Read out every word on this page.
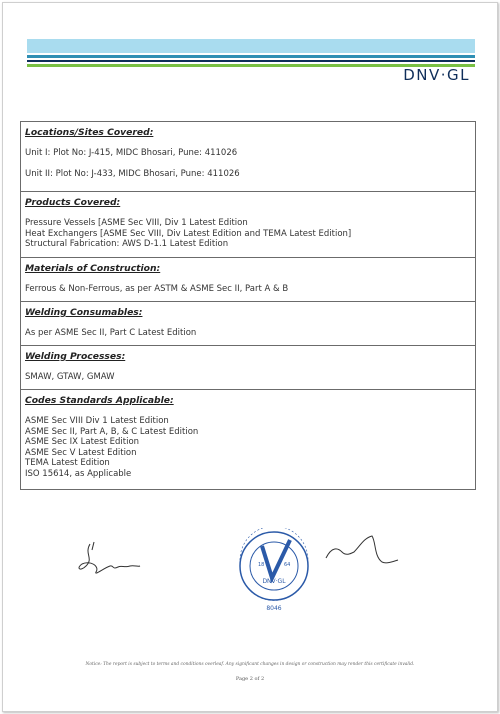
DNV·GL
Locations/Sites Covered:
Unit I: Plot No: J-415, MIDC Bhosari, Pune: 411026
Unit II: Plot No: J-433, MIDC Bhosari, Pune: 411026
Products Covered:
Pressure Vessels [ASME Sec VIII, Div 1 Latest Edition
Heat Exchangers [ASME Sec VIII, Div Latest Edition and TEMA Latest Edition]
Structural Fabrication: AWS D-1.1 Latest Edition
Materials of Construction:
Ferrous & Non-Ferrous, as per ASTM & ASME Sec II, Part A & B
Welding Consumables:
As per ASME Sec II, Part C Latest Edition
Welding Processes:
SMAW, GTAW, GMAW
Codes Standards Applicable:
ASME Sec VIII Div 1 Latest Edition
ASME Sec II, Part A, B, & C Latest Edition
ASME Sec IX Latest Edition
ASME Sec V Latest Edition
TEMA Latest Edition
ISO 15614, as Applicable
18	64
DNV·GL
8046
Notice: The report is subject to terms and conditions overleaf. Any significant changes in design or construction may render this certificate invalid.
Page 2 of 2
